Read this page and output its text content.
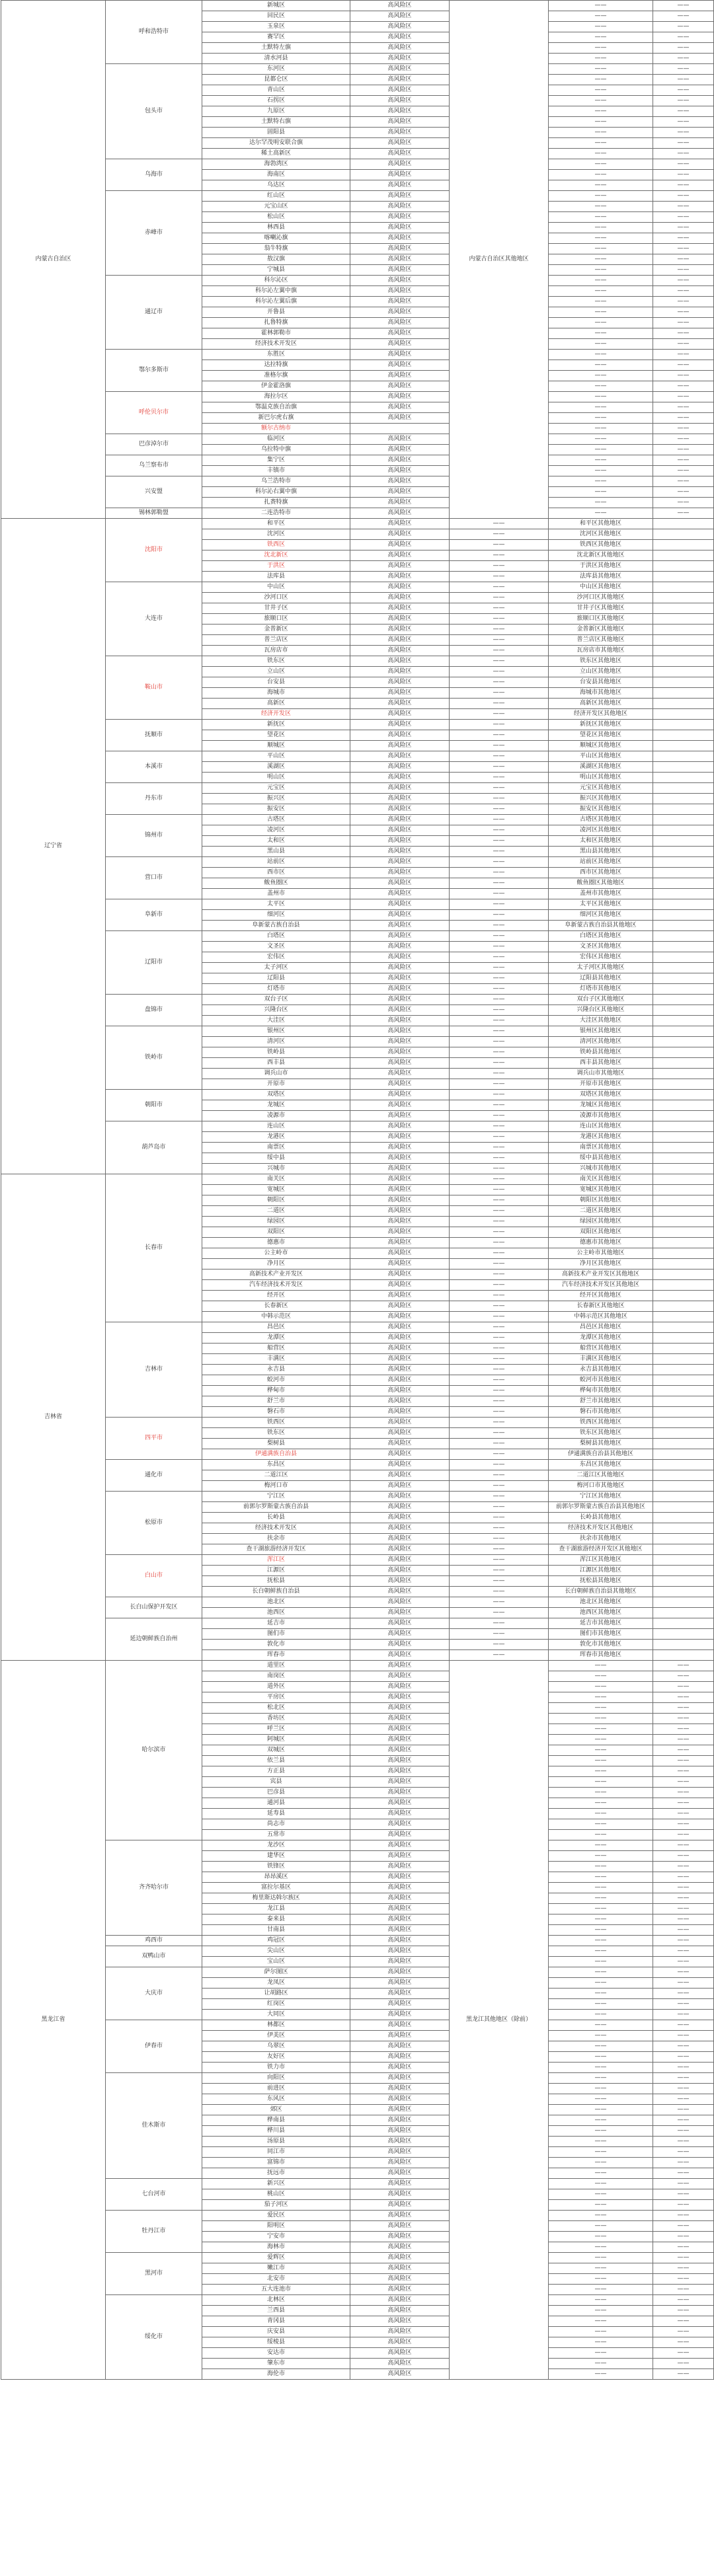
内蒙古自治区	呼和浩特市	新城区	高风险区	内蒙古自治区其他地区	——	——
		回民区	高风险区		——	——
		玉泉区	高风险区		——	——
		赛罕区	高风险区		——	——
		土默特左旗	高风险区		——	——
		清水河县	高风险区		——	——
	包头市	东河区	高风险区		——	——
		昆都仑区	高风险区		——	——
		青山区	高风险区		——	——
		石拐区	高风险区		——	——
		九原区	高风险区		——	——
		土默特右旗	高风险区		——	——
		固阳县	高风险区		——	——
		达尔罕茂明安联合旗	高风险区		——	——
		稀土高新区	高风险区		——	——
	乌海市	海勃湾区	高风险区		——	——
		海南区	高风险区		——	——
		乌达区	高风险区		——	——
	赤峰市	红山区	高风险区		——	——
		元宝山区	高风险区		——	——
		松山区	高风险区		——	——
		林西县	高风险区		——	——
		喀喇沁旗	高风险区		——	——
		翁牛特旗	高风险区		——	——
		敖汉旗	高风险区		——	——
		宁城县	高风险区		——	——
	通辽市	科尔沁区	高风险区		——	——
		科尔沁左翼中旗	高风险区		——	——
		科尔沁左翼后旗	高风险区		——	——
		开鲁县	高风险区		——	——
		扎鲁特旗	高风险区		——	——
		霍林郭勒市	高风险区		——	——
		经济技术开发区	高风险区		——	——
	鄂尔多斯市	东胜区	高风险区		——	——
		达拉特旗	高风险区		——	——
		准格尔旗	高风险区		——	——
		伊金霍洛旗	高风险区		——	——
	呼伦贝尔市	海拉尔区	高风险区		——	——
		鄂温克族自治旗	高风险区		——	——
		新巴尔虎右旗	高风险区		——	——
		额尔古纳市			——	——
	巴彦淖尔市	临河区	高风险区		——	——
		乌拉特中旗	高风险区		——	——
	乌兰察布市	集宁区	高风险区		——	——
		丰镇市	高风险区		——	——
	兴安盟	乌兰浩特市	高风险区		——	——
		科尔沁右翼中旗	高风险区		——	——
		扎赉特旗	高风险区		——	——
	锡林郭勒盟	二连浩特市	高风险区		——	——
辽宁省	沈阳市	和平区	高风险区	——	和平区其他地区	
		沈河区	高风险区	——	沈河区其他地区	
		铁西区	高风险区	——	铁西区其他地区	
		沈北新区	高风险区	——	沈北新区其他地区	
		于洪区	高风险区	——	于洪区其他地区	
		法库县	高风险区	——	法库县其他地区	
	大连市	中山区	高风险区	——	中山区其他地区	
		沙河口区	高风险区	——	沙河口区其他地区	
		甘井子区	高风险区	——	甘井子区其他地区	
		旅顺口区	高风险区	——	旅顺口区其他地区	
		金普新区	高风险区	——	金普新区其他地区	
		普兰店区	高风险区	——	普兰店区其他地区	
		瓦房店市	高风险区	——	瓦房店市其他地区	
	鞍山市	铁东区	高风险区	——	铁东区其他地区	
		立山区	高风险区	——	立山区其他地区	
		台安县	高风险区	——	台安县其他地区	
		海城市	高风险区	——	海城市其他地区	
		高新区	高风险区	——	高新区其他地区	
		经济开发区	高风险区	——	经济开发区其他地区	
	抚顺市	新抚区	高风险区	——	新抚区其他地区	
		望花区	高风险区	——	望花区其他地区	
		顺城区	高风险区	——	顺城区其他地区	
	本溪市	平山区	高风险区	——	平山区其他地区	
		溪湖区	高风险区	——	溪湖区其他地区	
		明山区	高风险区	——	明山区其他地区	
	丹东市	元宝区	高风险区	——	元宝区其他地区	
		振兴区	高风险区	——	振兴区其他地区	
		振安区	高风险区	——	振安区其他地区	
	锦州市	古塔区	高风险区	——	古塔区其他地区	
		凌河区	高风险区	——	凌河区其他地区	
		太和区	高风险区	——	太和区其他地区	
		黑山县	高风险区	——	黑山县其他地区	
	营口市	站前区	高风险区	——	站前区其他地区	
		西市区	高风险区	——	西市区其他地区	
		鲅鱼圈区	高风险区	——	鲅鱼圈区其他地区	
		盖州市	高风险区	——	盖州市其他地区	
	阜新市	太平区	高风险区	——	太平区其他地区	
		细河区	高风险区	——	细河区其他地区	
		阜新蒙古族自治县	高风险区	——	阜新蒙古族自治县其他地区	
	辽阳市	白塔区	高风险区	——	白塔区其他地区	
		文圣区	高风险区	——	文圣区其他地区	
		宏伟区	高风险区	——	宏伟区其他地区	
		太子河区	高风险区	——	太子河区其他地区	
		辽阳县	高风险区	——	辽阳县其他地区	
		灯塔市	高风险区	——	灯塔市其他地区	
	盘锦市	双台子区	高风险区	——	双台子区其他地区	
		兴隆台区	高风险区	——	兴隆台区其他地区	
		大洼区	高风险区	——	大洼区其他地区	
	铁岭市	银州区	高风险区	——	银州区其他地区	
		清河区	高风险区	——	清河区其他地区	
		铁岭县	高风险区	——	铁岭县其他地区	
		西丰县	高风险区	——	西丰县其他地区	
		调兵山市	高风险区	——	调兵山市其他地区	
		开原市	高风险区	——	开原市其他地区	
	朝阳市	双塔区	高风险区	——	双塔区其他地区	
		龙城区	高风险区	——	龙城区其他地区	
		凌源市	高风险区	——	凌源市其他地区	
	葫芦岛市	连山区	高风险区	——	连山区其他地区	
		龙港区	高风险区	——	龙港区其他地区	
		南票区	高风险区	——	南票区其他地区	
		绥中县	高风险区	——	绥中县其他地区	
		兴城市	高风险区	——	兴城市其他地区	
吉林省	长春市	南关区	高风险区	——	南关区其他地区	
		宽城区	高风险区	——	宽城区其他地区	
		朝阳区	高风险区	——	朝阳区其他地区	
		二道区	高风险区	——	二道区其他地区	
		绿园区	高风险区	——	绿园区其他地区	
		双阳区	高风险区	——	双阳区其他地区	
		德惠市	高风险区	——	德惠市其他地区	
		公主岭市	高风险区	——	公主岭市其他地区	
		净月区	高风险区	——	净月区其他地区	
		高新技术产业开发区	高风险区	——	高新技术产业开发区其他地区	
		汽车经济技术开发区	高风险区	——	汽车经济技术开发区其他地区	
		经开区	高风险区	——	经开区其他地区	
		长春新区	高风险区	——	长春新区其他地区	
		中韩示范区	高风险区	——	中韩示范区其他地区	
	吉林市	昌邑区	高风险区	——	昌邑区其他地区	
		龙潭区	高风险区	——	龙潭区其他地区	
		船营区	高风险区	——	船营区其他地区	
		丰满区	高风险区	——	丰满区其他地区	
		永吉县	高风险区	——	永吉县其他地区	
		蛟河市	高风险区	——	蛟河市其他地区	
		桦甸市	高风险区	——	桦甸市其他地区	
		舒兰市	高风险区	——	舒兰市其他地区	
		磐石市	高风险区	——	磐石市其他地区	
	四平市	铁西区	高风险区	——	铁西区其他地区	
		铁东区	高风险区	——	铁东区其他地区	
		梨树县	高风险区	——	梨树县其他地区	
		伊通满族自治县	高风险区	——	伊通满族自治县其他地区	
	通化市	东昌区	高风险区	——	东昌区其他地区	
		二道江区	高风险区	——	二道江区其他地区	
		梅河口市	高风险区	——	梅河口市其他地区	
	松原市	宁江区	高风险区	——	宁江区其他地区	
		前郭尔罗斯蒙古族自治县	高风险区	——	前郭尔罗斯蒙古族自治县其他地区	
		长岭县	高风险区	——	长岭县其他地区	
		经济技术开发区	高风险区	——	经济技术开发区其他地区	
		扶余市	高风险区	——	扶余市其他地区	
		查干湖旅游经济开发区	高风险区	——	查干湖旅游经济开发区其他地区	
	白山市	浑江区	高风险区	——	浑江区其他地区	
		江源区	高风险区	——	江源区其他地区	
		抚松县	高风险区	——	抚松县其他地区	
		长白朝鲜族自治县	高风险区	——	长白朝鲜族自治县其他地区	
	长白山保护开发区	池北区	高风险区	——	池北区其他地区	
		池西区	高风险区	——	池西区其他地区	
	延边朝鲜族自治州	延吉市	高风险区	——	延吉市其他地区	
		图们市	高风险区	——	图们市其他地区	
		敦化市	高风险区	——	敦化市其他地区	
		珲春市	高风险区	——	珲春市其他地区	
黑龙江省	哈尔滨市	道里区	高风险区	黑龙江其他地区（除前）	——	——
		南岗区	高风险区		——	——
		道外区	高风险区		——	——
		平房区	高风险区		——	——
		松北区	高风险区		——	——
		香坊区	高风险区		——	——
		呼兰区	高风险区		——	——
		阿城区	高风险区		——	——
		双城区	高风险区		——	——
		依兰县	高风险区		——	——
		方正县	高风险区		——	——
		宾县	高风险区		——	——
		巴彦县	高风险区		——	——
		通河县	高风险区		——	——
		延寿县	高风险区		——	——
		尚志市	高风险区		——	——
		五常市	高风险区		——	——
	齐齐哈尔市	龙沙区	高风险区		——	——
		建华区	高风险区		——	——
		铁锋区	高风险区		——	——
		昂昂溪区	高风险区		——	——
		富拉尔基区	高风险区		——	——
		梅里斯达斡尔族区	高风险区		——	——
		龙江县	高风险区		——	——
		泰来县	高风险区		——	——
		甘南县	高风险区		——	——
	鸡西市	鸡冠区	高风险区		——	——
	双鸭山市	尖山区	高风险区		——	——
		宝山区	高风险区		——	——
	大庆市	萨尔图区	高风险区		——	——
		龙凤区	高风险区		——	——
		让胡路区	高风险区		——	——
		红岗区	高风险区		——	——
		大同区	高风险区		——	——
	伊春市	林都区	高风险区		——	——
		伊美区	高风险区		——	——
		乌翠区	高风险区		——	——
		友好区	高风险区		——	——
		铁力市	高风险区		——	——
	佳木斯市	向阳区	高风险区		——	——
		前进区	高风险区		——	——
		东风区	高风险区		——	——
		郊区	高风险区		——	——
		桦南县	高风险区		——	——
		桦川县	高风险区		——	——
		汤原县	高风险区		——	——
		同江市	高风险区		——	——
		富锦市	高风险区		——	——
		抚远市	高风险区		——	——
	七台河市	新兴区	高风险区		——	——
		桃山区	高风险区		——	——
		茄子河区	高风险区		——	——
	牡丹江市	爱民区	高风险区		——	——
		阳明区	高风险区		——	——
		宁安市	高风险区		——	——
		海林市	高风险区		——	——
	黑河市	爱辉区	高风险区		——	——
		嫩江市	高风险区		——	——
		北安市	高风险区		——	——
		五大连池市	高风险区		——	——
	绥化市	北林区	高风险区		——	——
		兰西县	高风险区		——	——
		青冈县	高风险区		——	——
		庆安县	高风险区		——	——
		绥棱县	高风险区		——	——
		安达市	高风险区		——	——
		肇东市	高风险区		——	——
		海伦市	高风险区		——	——
